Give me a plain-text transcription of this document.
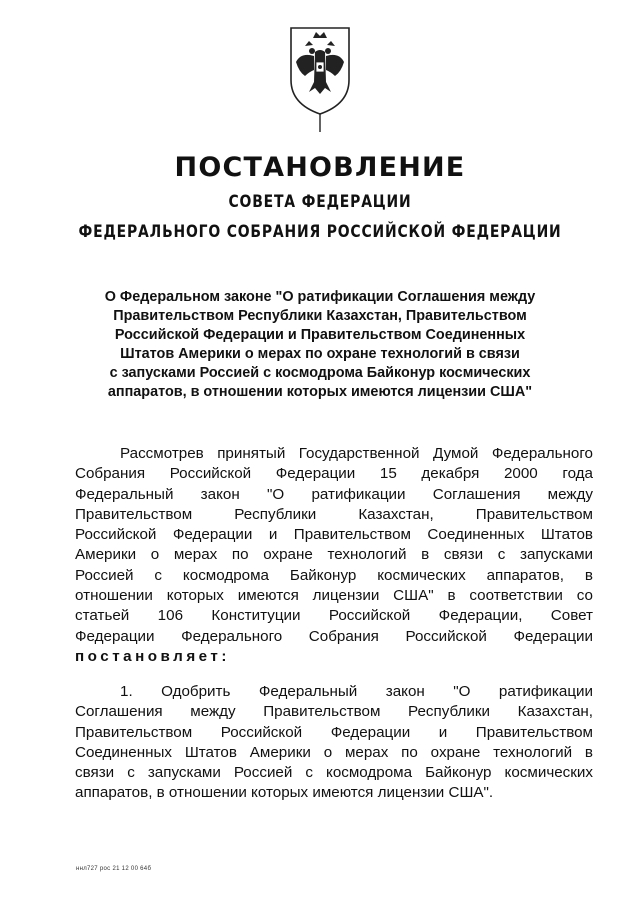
ПОСТАНОВЛЕНИЕ
СОВЕТА ФЕДЕРАЦИИ
ФЕДЕРАЛЬНОГО СОБРАНИЯ РОССИЙСКОЙ ФЕДЕРАЦИИ
О Федеральном законе "О ратификации Соглашения между
Правительством Республики Казахстан, Правительством
Российской Федерации и Правительством Соединенных
Штатов Америки о мерах по охране технологий в связи
с запусками Россией с космодрома Байконур космических
аппаратов, в отношении которых имеются лицензии США"
Рассмотрев принятый Государственной Думой Федерального
Собрания Российской Федерации 15 декабря 2000 года
Федеральный закон "О ратификации Соглашения между
Правительством Республики Казахстан, Правительством
Российской Федерации и Правительством Соединенных Штатов
Америки о мерах по охране технологий в связи с запусками
Россией с космодрома Байконур космических аппаратов, в
отношении которых имеются лицензии США" в соответствии со
статьей 106 Конституции Российской Федерации, Совет
Федерации Федерального Собрания Российской Федерации
постановляет:
1. Одобрить Федеральный закон "О ратификации
Соглашения между Правительством Республики Казахстан,
Правительством Российской Федерации и Правительством
Соединенных Штатов Америки о мерах по охране технологий в
связи с запусками Россией с космодрома Байконур космических
аппаратов, в отношении которых имеются лицензии США".
ннл727 рос 21 12 00 64б
